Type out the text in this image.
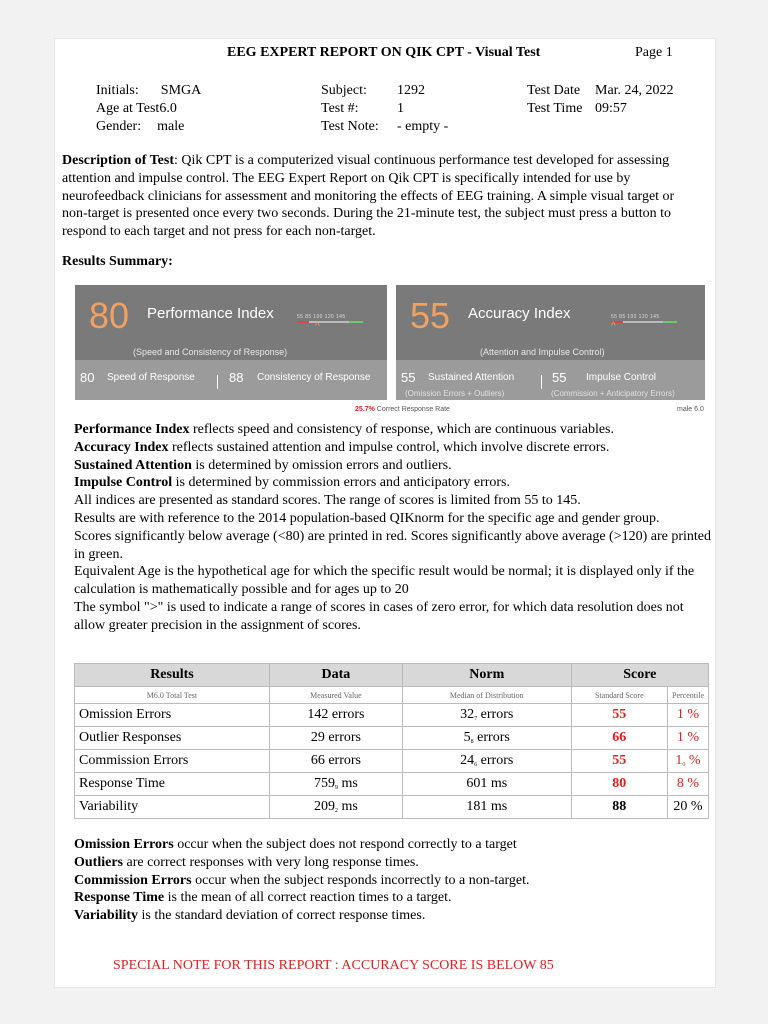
EEG EXPERT REPORT ON QIK CPT - Visual Test	Page 1
Initials: SMGA
Age at Test6.0
Gender: male
Subject: 1292
Test #:	1
Test Note: - empty -
Test Date Mar. 24, 2022
Test Time 09:57
Description of Test: Qik CPT is a computerized visual continuous performance test developed for assessing attention and impulse control. The EEG Expert Report on Qik CPT is specifically intended for use by neurofeedback clinicians for assessment and monitoring the effects of EEG training. A simple visual target or non-target is presented once every two seconds. During the 21-minute test, the subject must press a button to respond to each target and not press for each non-target.
Results Summary:
80 Performance Index	55 85 100 120 145
^
(Speed and Consistency of Response)
80 Speed of Response	88 Consistency of Response
55 Accuracy Index	55 85 100 120 145
^
(Attention and Impulse Control)
55 Sustained Attention
(Omission Errors + Outliers)
55 Impulse Control
(Commission + Anticipatory Errors)
25.7% Correct Response Rate	male 6.0

Performance Index reflects speed and consistency of response, which are continuous variables.

Accuracy Index reflects sustained attention and impulse control, which involve discrete errors.

Sustained Attention is determined by omission errors and outliers.

Impulse Control is determined by commission errors and anticipatory errors.

All indices are presented as standard scores. The range of scores is limited from 55 to 145.

Results are with reference to the 2014 population-based QIKnorm for the specific age and gender group.

Scores significantly below average (<80) are printed in red. Scores significantly above average (>120) are printed in green.

Equivalent Age is the hypothetical age for which the specific result would be normal; it is displayed only if the calculation is mathematically possible and for ages up to 20

The symbol ">" is used to indicate a range of scores in cases of zero error, for which data resolution does not allow greater precision in the assignment of scores.

Results	Data	Norm	Score	
M6.0 Total Test	Measured Value	Median of Distribution	Standard Score	Percentile
Omission Errors	142 errors	$32_7$ errors	55	1 %
Outlier Responses	29 errors	$5_8$ errors	66	1 %
Commission Errors	66 errors	$24_6$ errors	55	$1_0$ %
Response Time	$759_9$ ms	601 ms	80	8 %
Variability	$209_2$ ms	181 ms	88	20 %

Omission Errors occur when the subject does not respond correctly to a target

Outliers are correct responses with very long response times.

Commission Errors occur when the subject responds incorrectly to a non-target.

Response Time is the mean of all correct reaction times to a target.

Variability is the standard deviation of correct response times.

SPECIAL NOTE FOR THIS REPORT : ACCURACY SCORE IS BELOW 85
